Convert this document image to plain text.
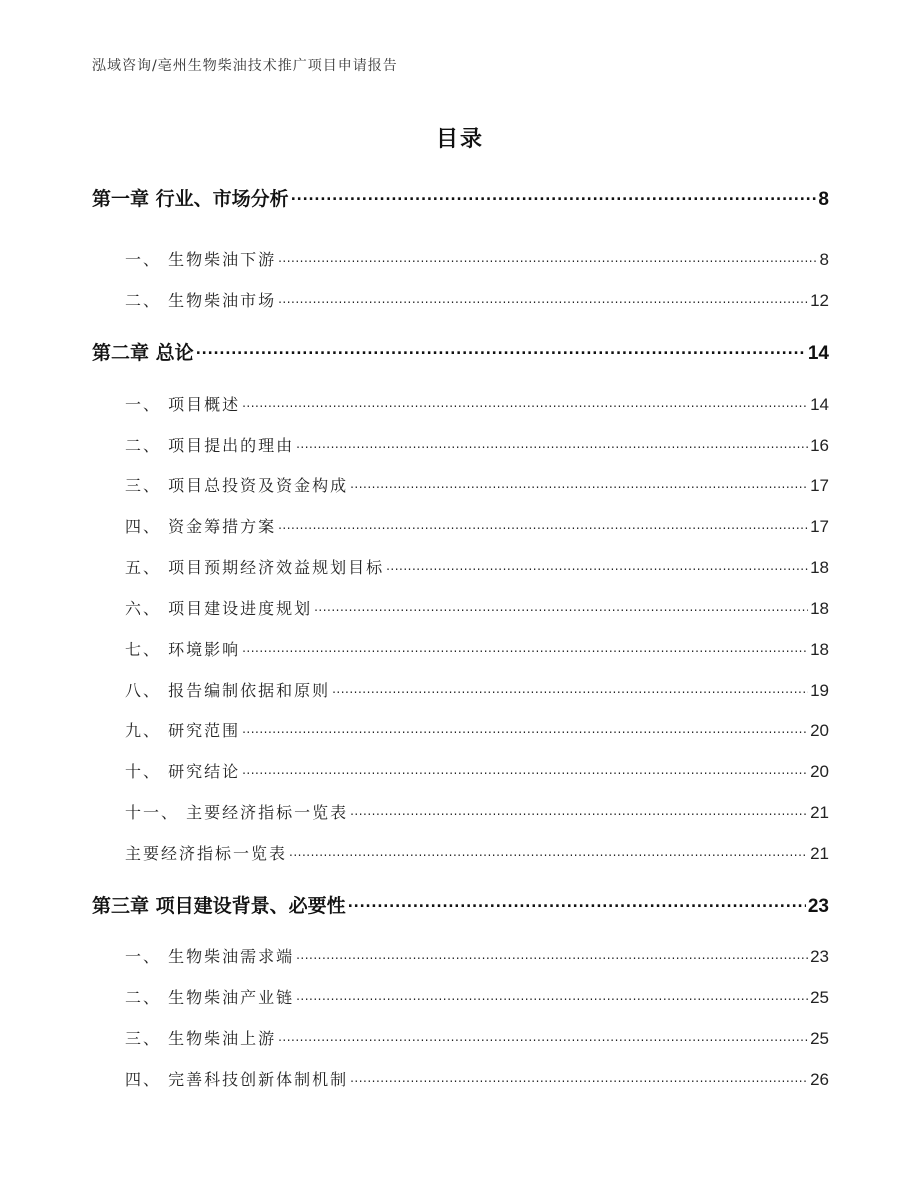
泓域咨询/亳州生物柴油技术推广项目申请报告
目录
第一章 行业、市场分析 .....	8
一、 生物柴油下游 .....	8
二、 生物柴油市场 .....	12
第二章 总论 .....	14
一、 项目概述 .....	14
二、 项目提出的理由 .....	16
三、 项目总投资及资金构成 .....	17
四、 资金筹措方案 .....	17
五、 项目预期经济效益规划目标 .....	18
六、 项目建设进度规划 .....	18
七、 环境影响 .....	18
八、 报告编制依据和原则 .....	19
九、 研究范围 .....	20
十、 研究结论 .....	20
十一、 主要经济指标一览表 .....	21
主要经济指标一览表 .....	21
第三章 项目建设背景、必要性 .....	23
一、 生物柴油需求端 .....	23
二、 生物柴油产业链 .....	25
三、 生物柴油上游 .....	25
四、 完善科技创新体制机制 .....	26
